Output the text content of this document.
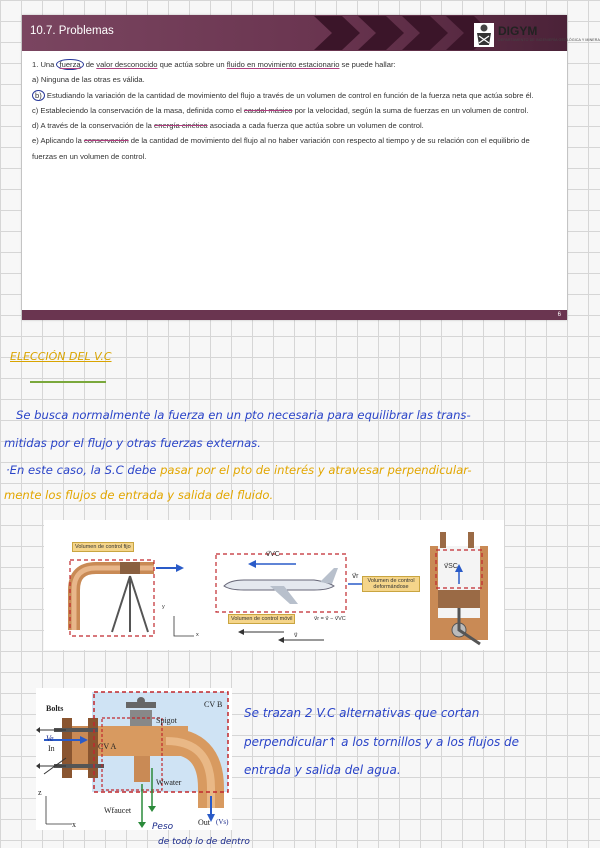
10.7. Problemas	DIGYM
DEPARTAMENTO DE INGENIERÍA GEOLÓGICA Y MINERA

1. Una fuerza de valor desconocido que actúa sobre un fluido en movimiento estacionario se puede hallar:

a) Ninguna de las otras es válida.

b) Estudiando la variación de la cantidad de movimiento del flujo a través de un volumen de control en función de la fuerza neta que actúa sobre él.

c) Estableciendo la conservación de la masa, definida como el caudal másico por la velocidad, según la suma de fuerzas en un volumen de control.

d) A través de la conservación de la energía cinética asociada a cada fuerza que actúa sobre un volumen de control.

e) Aplicando la conservación de la cantidad de movimiento del flujo al no haber variación con respecto al tiempo y de su relación con el equilibrio de fuerzas en un volumen de control.

6
ELECCIÓN DEL V.C
Se busca normalmente la fuerza en un pto necesaria para equilibrar las trans-
mitidas por el flujo y otras fuerzas externas.
·En este caso, la S.C debe pasar por el pto de interés y atravesar perpendicular-
mente los flujos de entrada y salida del fluido.
Volumen de control fijo
Volumen de control móvil
Volumen de control deformándose
v⃗VC
v⃗r
v⃗SC
v⃗r = v⃗ − v⃗VC
v⃗
y
x
Bolts
Spigot
CV A
CV B
In
Ve
Wwater
Wfaucet
Out (Vs)
z
x
Se trazan 2 V.C alternativas que cortan
perpendicular↑ a los tornillos y a los flujos de
entrada y salida del agua.
Peso
de todo lo de dentro
